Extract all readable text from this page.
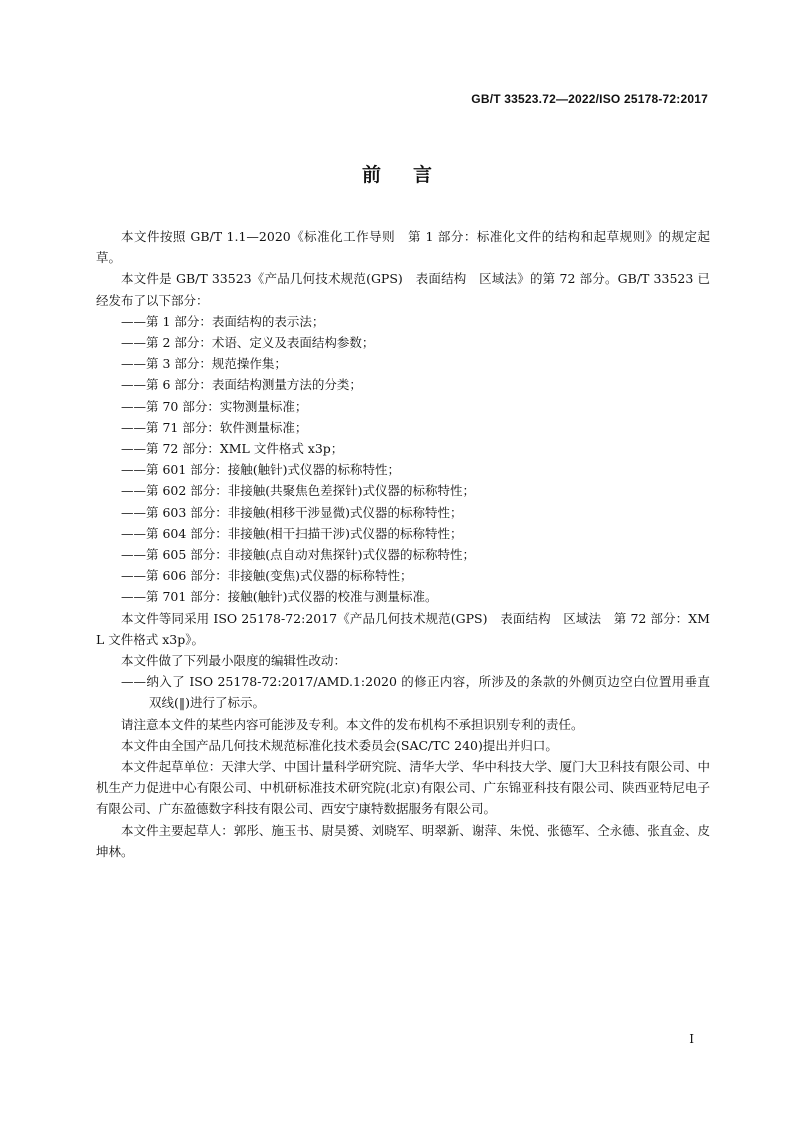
GB/T 33523.72—2022/ISO 25178-72:2017
前言

本文件按照 GB/T 1.1—2020《标准化工作导则　第 1 部分：标准化文件的结构和起草规则》的规定起草。

本文件是 GB/T 33523《产品几何技术规范(GPS)　表面结构　区域法》的第 72 部分。GB/T 33523 已经发布了以下部分：

——第 1 部分：表面结构的表示法；

——第 2 部分：术语、定义及表面结构参数；

——第 3 部分：规范操作集；

——第 6 部分：表面结构测量方法的分类；

——第 70 部分：实物测量标准；

——第 71 部分：软件测量标准；

——第 72 部分：XML 文件格式 x3p；

——第 601 部分：接触(触针)式仪器的标称特性；

——第 602 部分：非接触(共聚焦色差探针)式仪器的标称特性；

——第 603 部分：非接触(相移干涉显微)式仪器的标称特性；

——第 604 部分：非接触(相干扫描干涉)式仪器的标称特性；

——第 605 部分：非接触(点自动对焦探针)式仪器的标称特性；

——第 606 部分：非接触(变焦)式仪器的标称特性；

——第 701 部分：接触(触针)式仪器的校准与测量标准。

本文件等同采用 ISO 25178-72:2017《产品几何技术规范(GPS)　表面结构　区域法　第 72 部分：XML 文件格式 x3p》。

本文件做了下列最小限度的编辑性改动：

——纳入了 ISO 25178-72:2017/AMD.1:2020 的修正内容，所涉及的条款的外侧页边空白位置用垂直双线(‖)进行了标示。

请注意本文件的某些内容可能涉及专利。本文件的发布机构不承担识别专利的责任。

本文件由全国产品几何技术规范标准化技术委员会(SAC/TC 240)提出并归口。

本文件起草单位：天津大学、中国计量科学研究院、清华大学、华中科技大学、厦门大卫科技有限公司、中机生产力促进中心有限公司、中机研标准技术研究院(北京)有限公司、广东锦亚科技有限公司、陕西亚特尼电子有限公司、广东盈德数字科技有限公司、西安宁康特数据服务有限公司。

本文件主要起草人：郭彤、施玉书、尉昊赟、刘晓军、明翠新、谢萍、朱悦、张德军、仝永德、张直金、皮坤林。

I
